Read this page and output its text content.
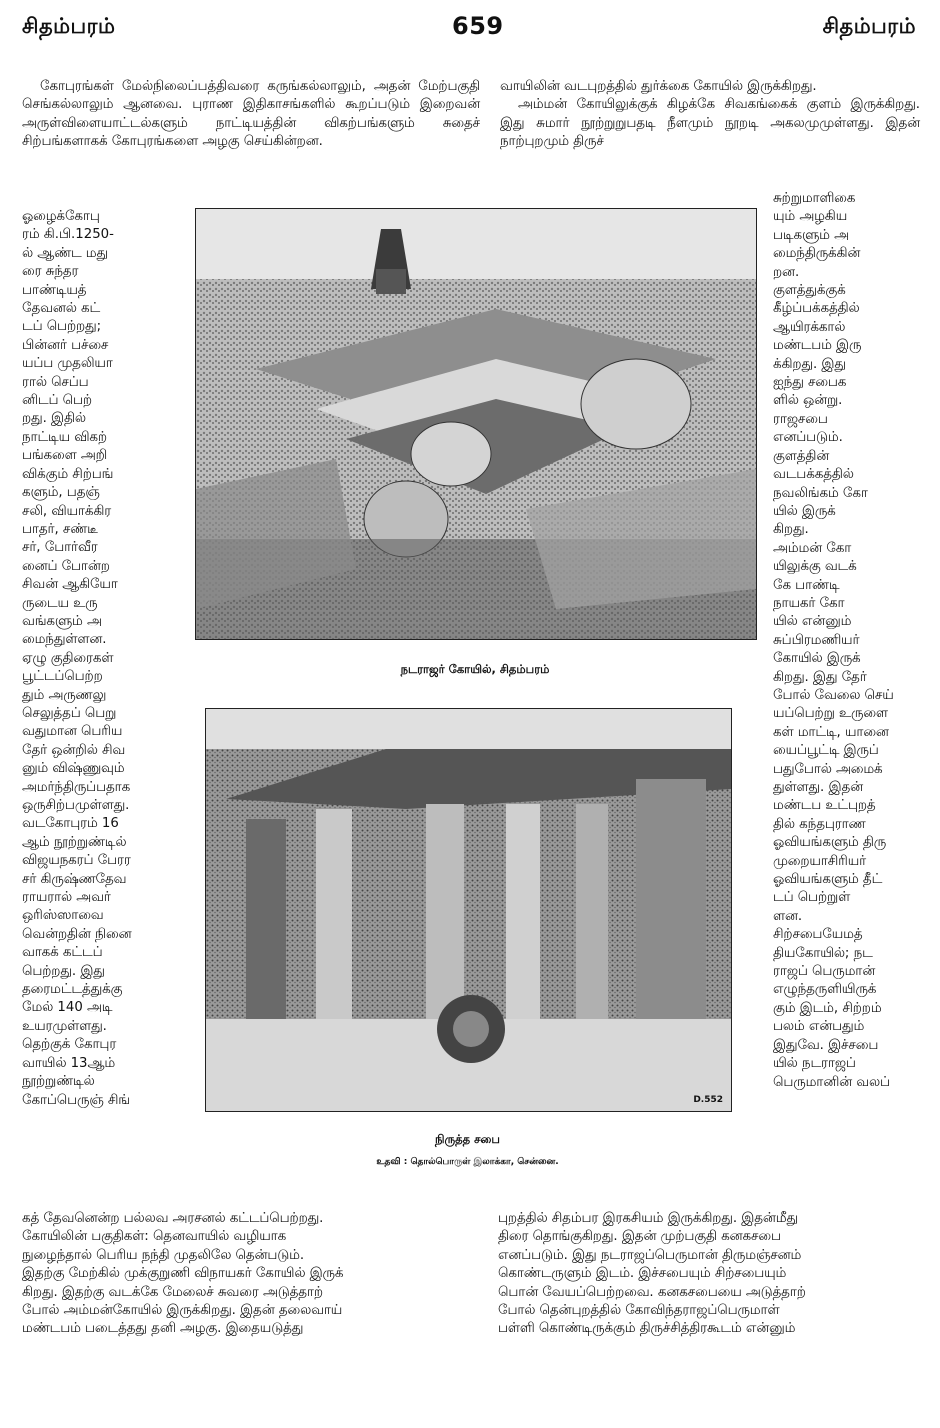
சிதம்பரம்	659	சிதம்பரம்
கோபுரங்கள் மேல்நிலைப்பத்திவரை கருங்கல்லாலும், அதன் மேற்பகுதி செங்கல்லாலும் ஆனவை. புராண இதிகாசங்களில் கூறப்படும் இறைவன் அருள்விளையாட்டல்களும் நாட்டியத்தின் விகற்பங்களும் சுதைச் சிற்பங்களாகக் கோபுரங்களை அழகு செய்கின்றன.

வாயிலின் வடபுறத்தில் துர்க்கை கோயில் இருக்கிறது.

அம்மன் கோயிலுக்குக் கிழக்கே சிவகங்கைக் குளம் இருக்கிறது. இது சுமார் நூற்றுறுபதடி நீளமும் நூறடி அகலமுமுள்ளது. இதன் நாற்புறமும் திருச்

ஓழைக்கோபு
ரம் கி.பி.1250-
ல் ஆண்ட மது
ரை சுந்தர
பாண்டியத்
தேவனல் கட்
டப் பெற்றது;
பின்னர் பச்சை
யப்ப முதலியா
ரால் செப்ப
னிடப் பெற்
றது. இதில்
நாட்டிய விகற்
பங்களை அறி
விக்கும் சிற்பங்
களும், பதஞ்
சலி, வியாக்கிர
பாதர், சண்டீ
சர், போர்வீர
னைப் போன்ற
சிவன் ஆகியோ
ருடைய உரு
வங்களும் அ
மைந்துள்ளன.
ஏழு குதிரைகள்
பூட்டப்பெற்ற
தும் அருணலு
செலுத்தப் பெறு
வதுமான பெரிய
தேர் ஒன்றில் சிவ
னும் விஷ்ணுவும்
அமர்ந்திருப்பதாக
ஒருசிற்பமுள்ளது.
வடகோபுரம் 16
ஆம் நூற்றுண்டில்
விஜயநகரப் பேரர
சர் கிருஷ்ணதேவ
ராயரால் அவர்
ஒரிஸ்ஸாவை
வென்றதின் நினை
வாகக் கட்டப்
பெற்றது. இது
தரைமட்டத்துக்கு
மேல் 140 அடி
உயரமுள்ளது.
தெற்குக் கோபுர
வாயில் 13ஆம்
நூற்றுண்டில்
கோப்பெருஞ் சிங்
சுற்றுமாளிகை
யும் அழகிய
படிகளும் அ
மைந்திருக்கின்
றன.
குளத்துக்குக்
கீழ்ப்பக்கத்தில்
ஆயிரக்கால்
மண்டபம் இரு
க்கிறது. இது
ஐந்து சபைக
ளில் ஒன்று.
ராஜசபை
எனப்படும்.
குளத்தின்
வடபக்கத்தில்
நவலிங்கம் கோ
யில் இருக்
கிறது.
அம்மன் கோ
யிலுக்கு வடக்
கே பாண்டி
நாயகர் கோ
யில் என்னும்
சுப்பிரமணியர்
கோயில் இருக்
கிறது. இது தேர்
போல் வேலை செய்
யப்பெற்று உருளை
கள் மாட்டி, யானை
யைப்பூட்டி இருப்
பதுபோல் அமைக்
துள்ளது. இதன்
மண்டப உட்புறத்
தில் கந்தபுராண
ஓவியங்களும் திரு
முறையாசிரியர்
ஓவியங்களும் தீட்
டப் பெற்றுள்
ளன.
சிற்சபையேமத்
தியகோயில்; நட
ராஜப் பெருமான்
எழுந்தருளியிருக்
கும் இடம், சிற்றம்
பலம் என்பதும்
இதுவே. இச்சபை
யில் நடராஜப்
பெருமானின் வலப்
நடராஜர் கோயில், சிதம்பரம்
D.552
நிருத்த சபை
உதவி : தொல்பொருள் இலாக்கா, சென்னை.
கத் தேவனென்ற பல்லவ அரசனல் கட்டப்பெற்றது.
கோயிலின் பகுதிகள்: தெனவாயில் வழியாக
நுழைந்தால் பெரிய நந்தி முதலிலே தென்படும்.
இதற்கு மேற்கில் முக்குறுணி விநாயகர் கோயில் இருக்
கிறது. இதற்கு வடக்கே மேலைச் சுவரை அடுத்தாற்
போல் அம்மன்கோயில் இருக்கிறது. இதன் தலைவாய்
மண்டபம் படைத்தது தனி அழகு. இதையடுத்து
புறத்தில் சிதம்பர இரகசியம் இருக்கிறது. இதன்மீது
திரை தொங்குகிறது. இதன் முற்பகுதி கனகசபை
எனப்படும். இது நடராஜப்பெருமான் திருமஞ்சனம்
கொண்டருளும் இடம். இச்சபையும் சிற்சபையும்
பொன் வேயப்பெற்றவை. கனகசபையை அடுத்தாற்
போல் தென்புறத்தில் கோவிந்தராஜப்பெருமாள்
பள்ளி கொண்டிருக்கும் திருச்சித்திரகூடம் என்னும்
